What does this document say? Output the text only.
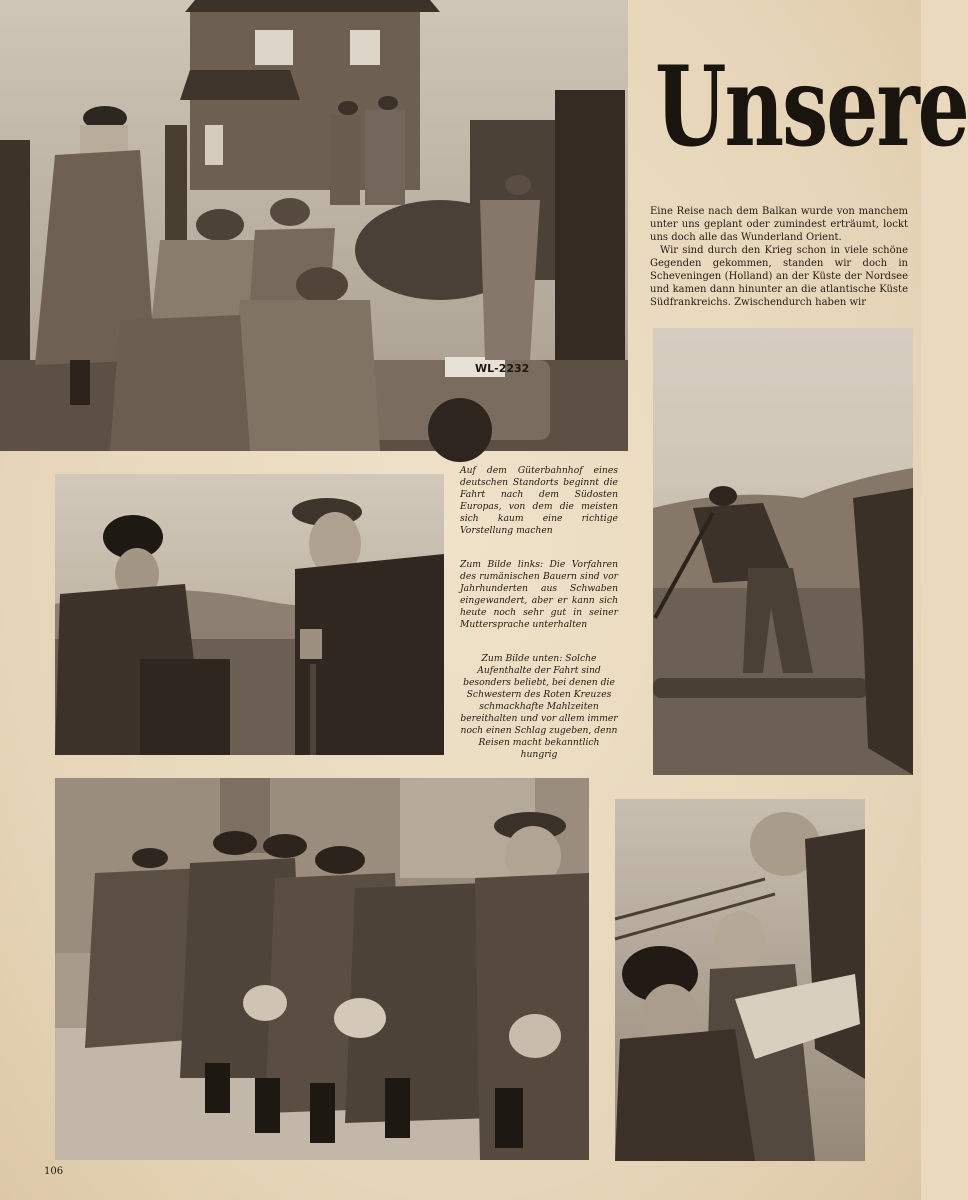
WL-2232
Unsere

Eine Reise nach dem Balkan wurde von manchem unter uns geplant oder zumindest erträumt, lockt uns doch alle das Wunderland Orient.

Wir sind durch den Krieg schon in viele schöne Gegenden gekommen, standen wir doch in Scheveningen (Holland) an der Küste der Nordsee und kamen dann hinunter an die atlantische Küste Südfrankreichs. Zwischendurch haben wir

Auf dem Güterbahnhof eines deutschen Standorts beginnt die Fahrt nach dem Südosten Europas, von dem die meisten sich kaum eine richtige Vorstellung machen

Zum Bilde links: Die Vorfahren des rumänischen Bauern sind vor Jahrhunderten aus Schwaben eingewandert, aber er kann sich heute noch sehr gut in seiner Muttersprache unterhalten

Zum Bilde unten: Solche Aufenthalte der Fahrt sind besonders beliebt, bei denen die Schwestern des Roten Kreuzes schmackhafte Mahlzeiten bereithalten und vor allem immer noch einen Schlag zugeben, denn Reisen macht bekanntlich hungrig

106
